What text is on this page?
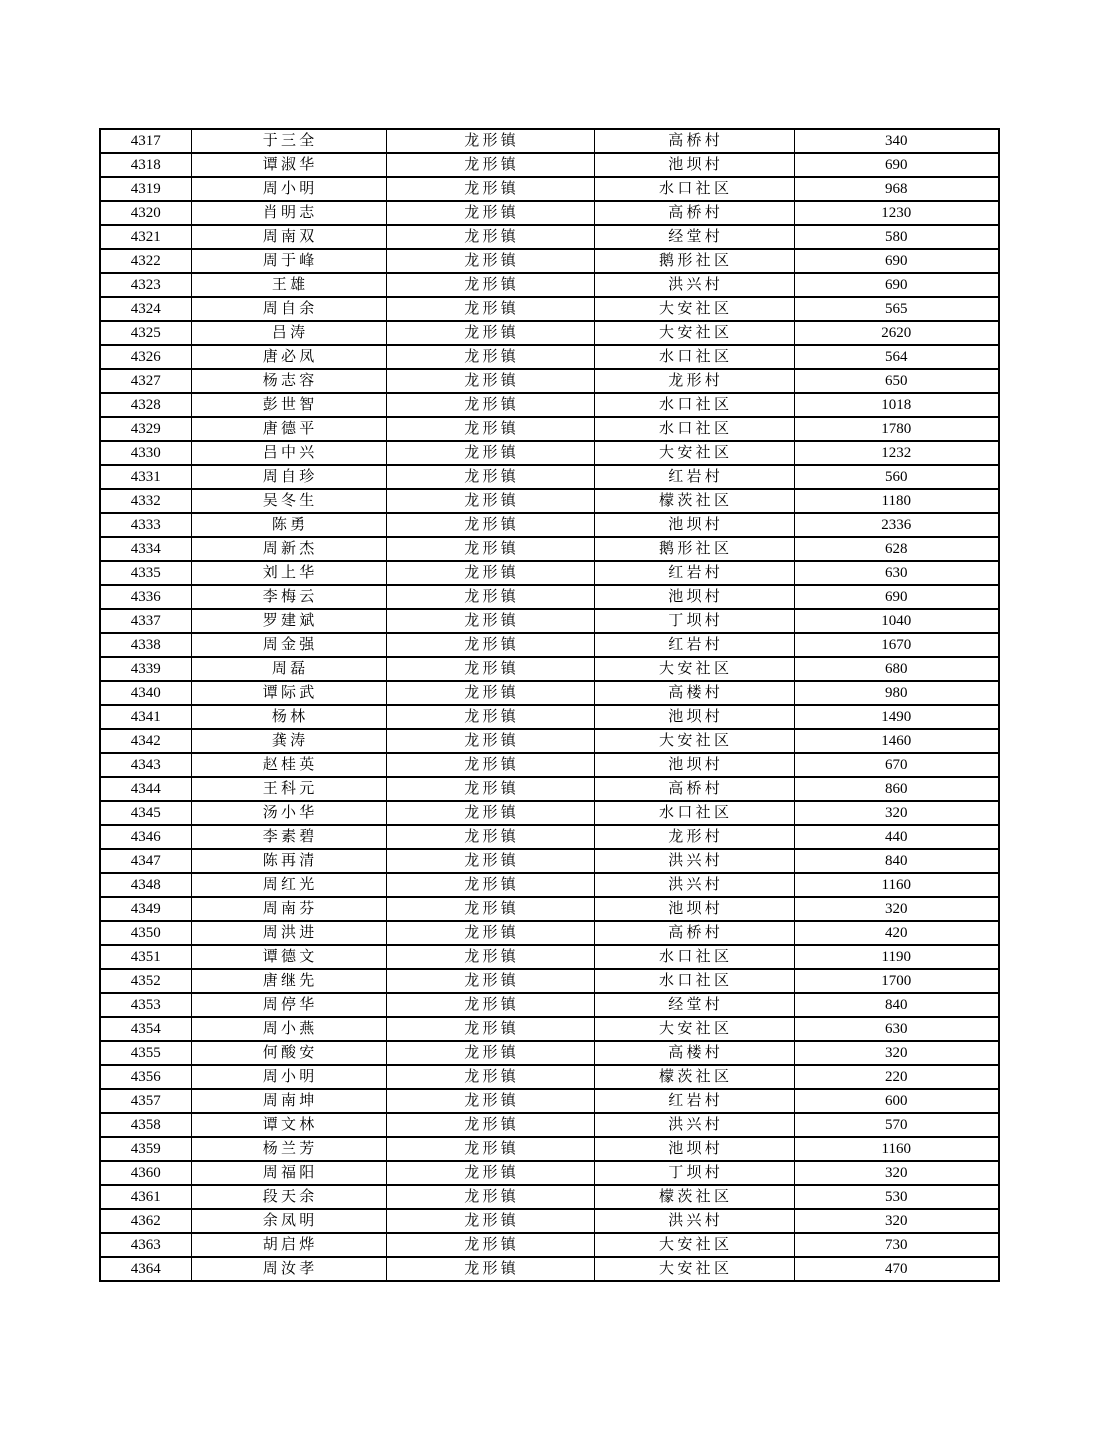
4317	于三全	龙形镇	高桥村	340
4318	谭淑华	龙形镇	池坝村	690
4319	周小明	龙形镇	水口社区	968
4320	肖明志	龙形镇	高桥村	1230
4321	周南双	龙形镇	经堂村	580
4322	周于峰	龙形镇	鹅形社区	690
4323	王雄	龙形镇	洪兴村	690
4324	周自余	龙形镇	大安社区	565
4325	吕涛	龙形镇	大安社区	2620
4326	唐必凤	龙形镇	水口社区	564
4327	杨志容	龙形镇	龙形村	650
4328	彭世智	龙形镇	水口社区	1018
4329	唐德平	龙形镇	水口社区	1780
4330	吕中兴	龙形镇	大安社区	1232
4331	周自珍	龙形镇	红岩村	560
4332	吴冬生	龙形镇	檬茨社区	1180
4333	陈勇	龙形镇	池坝村	2336
4334	周新杰	龙形镇	鹅形社区	628
4335	刘上华	龙形镇	红岩村	630
4336	李梅云	龙形镇	池坝村	690
4337	罗建斌	龙形镇	丁坝村	1040
4338	周金强	龙形镇	红岩村	1670
4339	周磊	龙形镇	大安社区	680
4340	谭际武	龙形镇	高楼村	980
4341	杨林	龙形镇	池坝村	1490
4342	龚涛	龙形镇	大安社区	1460
4343	赵桂英	龙形镇	池坝村	670
4344	王科元	龙形镇	高桥村	860
4345	汤小华	龙形镇	水口社区	320
4346	李素碧	龙形镇	龙形村	440
4347	陈再清	龙形镇	洪兴村	840
4348	周红光	龙形镇	洪兴村	1160
4349	周南芬	龙形镇	池坝村	320
4350	周洪进	龙形镇	高桥村	420
4351	谭德文	龙形镇	水口社区	1190
4352	唐继先	龙形镇	水口社区	1700
4353	周停华	龙形镇	经堂村	840
4354	周小燕	龙形镇	大安社区	630
4355	何酸安	龙形镇	高楼村	320
4356	周小明	龙形镇	檬茨社区	220
4357	周南坤	龙形镇	红岩村	600
4358	谭文林	龙形镇	洪兴村	570
4359	杨兰芳	龙形镇	池坝村	1160
4360	周福阳	龙形镇	丁坝村	320
4361	段天余	龙形镇	檬茨社区	530
4362	余凤明	龙形镇	洪兴村	320
4363	胡启烨	龙形镇	大安社区	730
4364	周汝孝	龙形镇	大安社区	470
